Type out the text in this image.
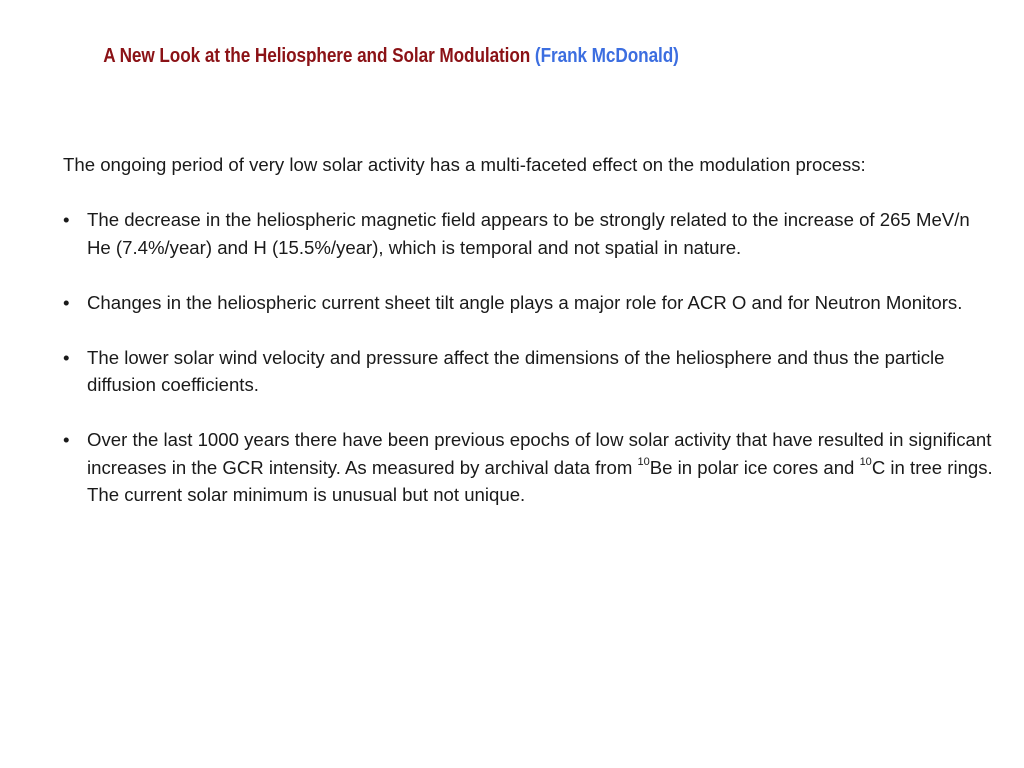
A New Look at the Heliosphere and Solar Modulation (Frank McDonald)

The ongoing period of very low solar activity has a multi-faceted effect on the modulation process:

• The decrease in the heliospheric magnetic field appears to be strongly related to the increase of 265 MeV/n He (7.4%/year) and H (15.5%/year), which is temporal and not spatial in nature.
• Changes in the heliospheric current sheet tilt angle plays a major role for ACR O and for Neutron Monitors.
• The lower solar wind velocity and pressure affect the dimensions of the heliosphere and thus the particle diffusion coefficients.
• Over the last 1000 years there have been previous epochs of low solar activity that have resulted in significant increases in the GCR intensity. As measured by archival data from $^{10}$Be in polar ice cores and $^{10}$C in tree rings. The current solar minimum is unusual but not unique.
